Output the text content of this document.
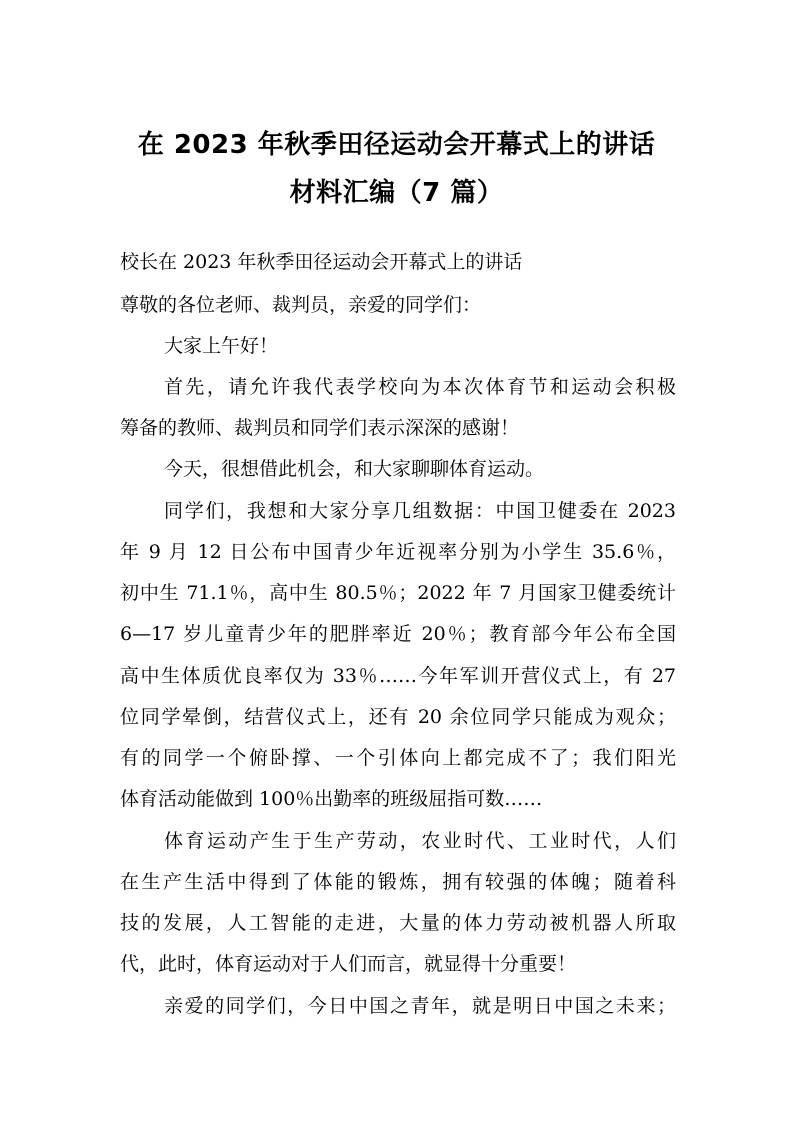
在 2023 年秋季田径运动会开幕式上的讲话
材料汇编（7 篇）
校长在 2023 年秋季田径运动会开幕式上的讲话
尊敬的各位老师、裁判员，亲爱的同学们：
大家上午好！
首先，请允许我代表学校向为本次体育节和运动会积极
筹备的教师、裁判员和同学们表示深深的感谢！
今天，很想借此机会，和大家聊聊体育运动。
同学们，我想和大家分享几组数据：中国卫健委在 2023
年 9 月 12 日公布中国青少年近视率分别为小学生 35.6％，
初中生 71.1％，高中生 80.5％；2022 年 7 月国家卫健委统计
6—17 岁儿童青少年的肥胖率近 20％；教育部今年公布全国
高中生体质优良率仅为 33％……今年军训开营仪式上，有 27
位同学晕倒，结营仪式上，还有 20 余位同学只能成为观众；
有的同学一个俯卧撑、一个引体向上都完成不了；我们阳光
体育活动能做到 100％出勤率的班级屈指可数……
体育运动产生于生产劳动，农业时代、工业时代，人们
在生产生活中得到了体能的锻炼，拥有较强的体魄；随着科
技的发展，人工智能的走进，大量的体力劳动被机器人所取
代，此时，体育运动对于人们而言，就显得十分重要！
亲爱的同学们，今日中国之青年，就是明日中国之未来；
